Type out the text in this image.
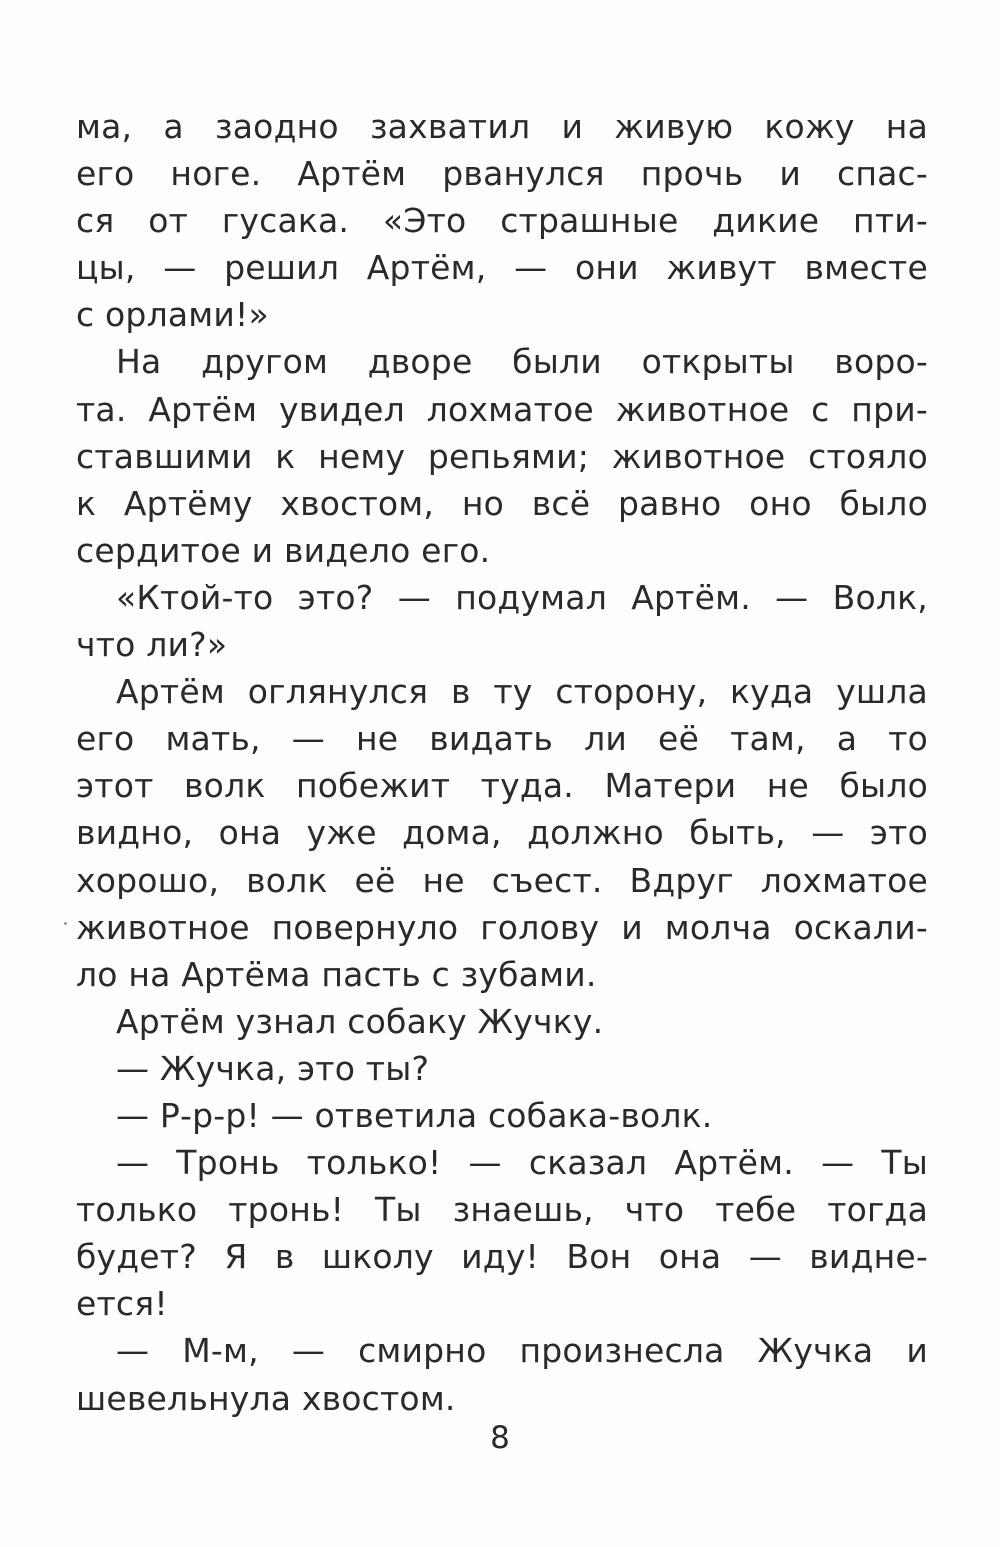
ма, а заодно захватил и живую кожу на
его ноге. Артём рванулся прочь и спас-
ся от гусака. «Это страшные дикие пти-
цы, — решил Артём, — они живут вместе
с орлами!»
На другом дворе были открыты воро-
та. Артём увидел лохматое животное с при-
ставшими к нему репьями; животное стояло
к Артёму хвостом, но всё равно оно было
сердитое и видело его.
«Ктой-то это? — подумал Артём. — Волк,
что ли?»
Артём оглянулся в ту сторону, куда ушла
его мать, — не видать ли её там, а то
этот волк побежит туда. Матери не было
видно, она уже дома, должно быть, — это
хорошо, волк её не съест. Вдруг лохматое
животное повернуло голову и молча оскали-
ло на Артёма пасть с зубами.
Артём узнал собаку Жучку.
— Жучка, это ты?
— Р-р-р! — ответила собака-волк.
— Тронь только! — сказал Артём. — Ты
только тронь! Ты знаешь, что тебе тогда
будет? Я в школу иду! Вон она — видне-
ется!
— М-м, — смирно произнесла Жучка и
шевельнула хвостом.
8
